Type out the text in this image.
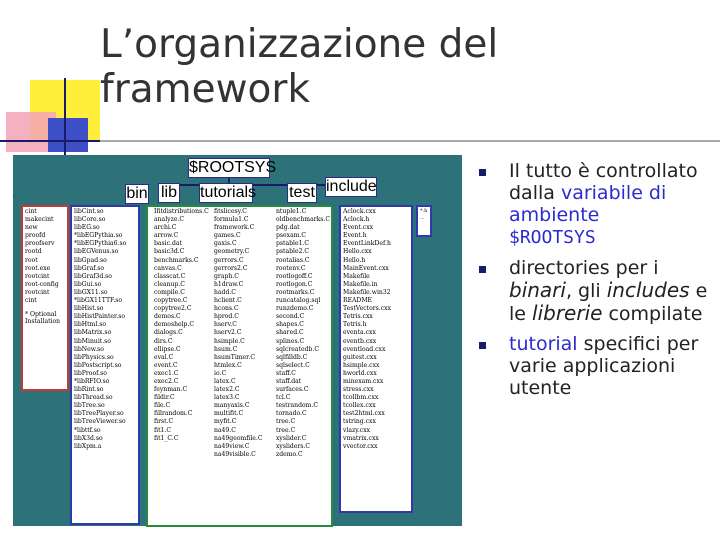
L’organizzazione del framework
$ROOTSYS
bin lib tutorials test include
cint
makecint
new
proofd
proofserv
rootd
root
root.exe
rootcint
root-config
rootcint
cint
* Optional Installation
libCint.so
libCore.so
libEG.so
*libEGPythia.so
*libEGPythia6.so
libEGVenus.so
libGpad.so
libGraf.so
libGraf3d.so
libGui.so
libGX11.so
*libGX11TTF.so
libHist.so
libHistPainter.so
libHtml.so
libMatrix.so
libMinuit.so
libNew.so
libPhysics.so
libPostscript.so
libProof.so
*libRFIO.so
libRint.so
libThread.so
libTree.so
libTreePlayer.so
libTreeViewer.so
*libttf.so
libX3d.so
libXpm.a
Ifitdistributions.C
analyze.C
archi.C
arrow.C
basic.dat
basic3d.C
benchmarks.C
canvas.C
classcat.C
cleanup.C
compile.C
copytree.C
copytree2.C
demos.C
demoshelp.C
dialogs.C
dirs.C
ellipse.C
eval.C
event.C
exec1.C
exec2.C
feynman.C
fildir.C
file.C
fillrandom.C
first.C
fit1.C
fit1_C.C
fitslicesy.C
formula1.C
framework.C
games.C
gaxis.C
geometry.C
gerrors.C
gerrors2.C
graph.C
h1draw.C
hadd.C
hclient.C
hcons.C
hprod.C
hserv.C
hserv2.C
hsimple.C
hsum.C
hsumTimer.C
htmlex.C
io.C
latex.C
latex2.C
latex3.C
manyaxis.C
multifit.C
myfit.C
na49.C
na49geomfile.C
na49view.C
na49visible.C
ntuple1.C
oldbenchmarks.C
pdg.dat
psexam.C
pstable1.C
pstable2.C
rootalias.C
rootenv.C
rootlogoff.C
rootlogon.C
rootmarks.C
runcatalog.sql
runzdemo.C
second.C
shapes.C
shared.C
splines.C
sqlcreatedb.C
sqlfilldb.C
sqlselect.C
staff.C
staff.dat
surfaces.C
tcl.C
testrandom.C
tornado.C
tree.C
tree.C
xyslider.C
xysliders.C
zdemo.C
Aclock.cxx
Aclock.h
Event.cxx
Event.h
EventLinkDef.h
Hello.cxx
Hello.h
MainEvent.cxx
Makefile
Makefile.in
Makefile.win32
README
TestVectors.cxx
Tetris.cxx
Tetris.h
eventa.cxx
eventb.cxx
eventload.cxx
guitest.cxx
hsimple.cxx
hworld.cxx
minexam.cxx
stress.cxx
tcollbm.cxx
tcollex.cxx
test2html.cxx
tstring.cxx
vlazy.cxx
vmatrix.cxx
vvector.cxx
*.h
...
Il tutto è controllato dalla variabile di ambiente
$ROOTSYS
directories per i binari, gli includes e le librerie compilate
tutorial specifici per varie applicazioni utente
